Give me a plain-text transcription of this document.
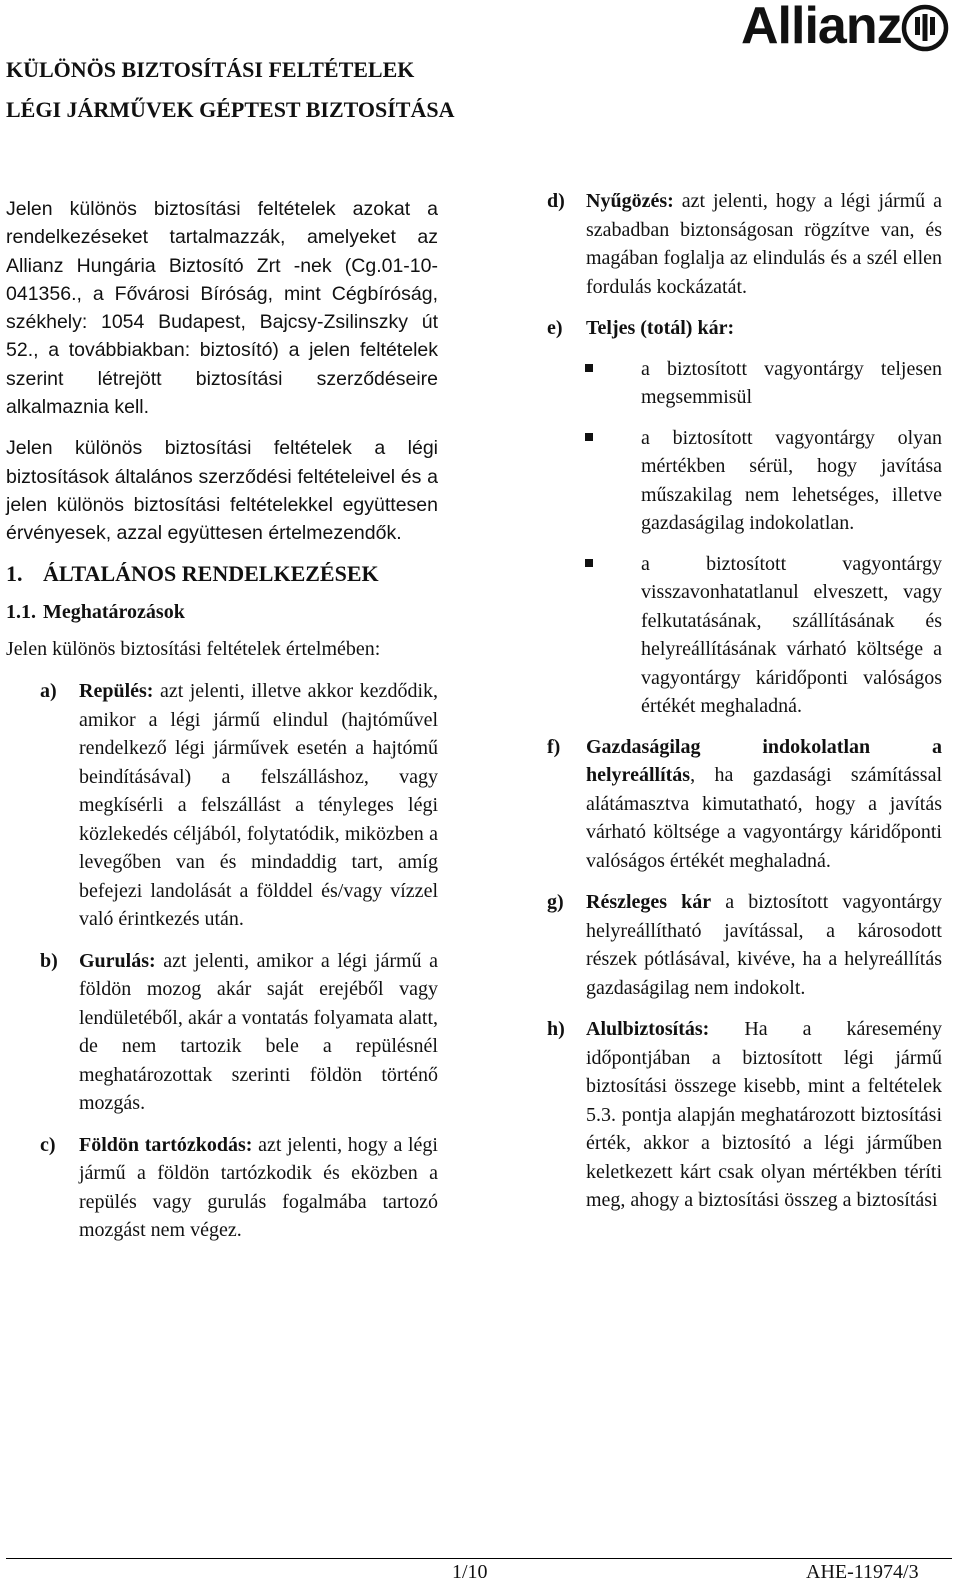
Allianz
KÜLÖNÖS BIZTOSÍTÁSI FELTÉTELEK
LÉGI JÁRMŰVEK GÉPTEST BIZTOSÍTÁSA

Jelen különös biztosítási feltételek azokat a rendelkezéseket tartalmazzák, amelyeket az Allianz Hungária Biztosító Zrt -nek (Cg.01-10-041356., a Fővárosi Bíróság, mint Cégbíróság, székhely: 1054 Budapest, Bajcsy-Zsilinszky út 52., a továbbiakban: biztosító) a jelen feltételek szerint létrejött biztosítási szerződéseire alkalmaznia kell.

Jelen különös biztosítási feltételek a légi biztosítások általános szerződési feltételeivel és a jelen különös biztosítási feltételekkel együttesen érvényesek, azzal együttesen értelmezendők.

1. ÁLTALÁNOS RENDELKEZÉSEK
1.1. Meghatározások

Jelen különös biztosítási feltételek értelmében:

a)	Repülés: azt jelenti, illetve akkor kezdődik, amikor a légi jármű elindul (hajtóművel rendelkező légi járművek esetén a hajtómű beindításával) a felszálláshoz, vagy megkísérli a felszállást a tényleges légi közlekedés céljából, folytatódik, miközben a levegőben van és mindaddig tart, amíg befejezi landolását a földdel és/vagy vízzel való érintkezés után.
b)	Gurulás: azt jelenti, amikor a légi jármű a földön mozog akár saját erejéből vagy lendületéből, akár a vontatás folyamata alatt, de nem tartozik bele a repülésnél meghatározottak szerinti földön történő mozgás.
c)	Földön tartózkodás: azt jelenti, hogy a légi jármű a földön tartózkodik és eközben a repülés vagy gurulás fogalmába tartozó mozgást nem végez.
d)	Nyűgözés: azt jelenti, hogy a légi jármű a szabadban biztonságosan rögzítve van, és magában foglalja az elindulás és a szél ellen fordulás kockázatát.
e)	Teljes (totál) kár:
a biztosított vagyontárgy teljesen megsemmisül
a biztosított vagyontárgy olyan mértékben sérül, hogy javítása műszakilag nem lehetséges, illetve gazdaságilag indokolatlan.
a biztosított vagyontárgy visszavonhatatlanul elveszett, vagy felkutatásának, szállításának és helyreállításának várható költsége a vagyontárgy káridőponti valóságos értékét meghaladná.
f)	Gazdaságilag indokolatlan a helyreállítás, ha gazdasági számítással alátámasztva kimutatható, hogy a javítás várható költsége a vagyontárgy káridőponti valóságos értékét meghaladná.
g)	Részleges kár a biztosított vagyontárgy helyreállítható javítással, a károsodott részek pótlásával, kivéve, ha a helyreállítás gazdaságilag nem indokolt.
h)	Alulbiztosítás: Ha a káresemény időpontjában a biztosított légi jármű biztosítási összege kisebb, mint a feltételek 5.3. pontja alapján meghatározott biztosítási érték, akkor a biztosító a légi járműben keletkezett kárt csak olyan mértékben téríti meg, ahogy a biztosítási összeg a biztosítási
1/10	AHE-11974/3
